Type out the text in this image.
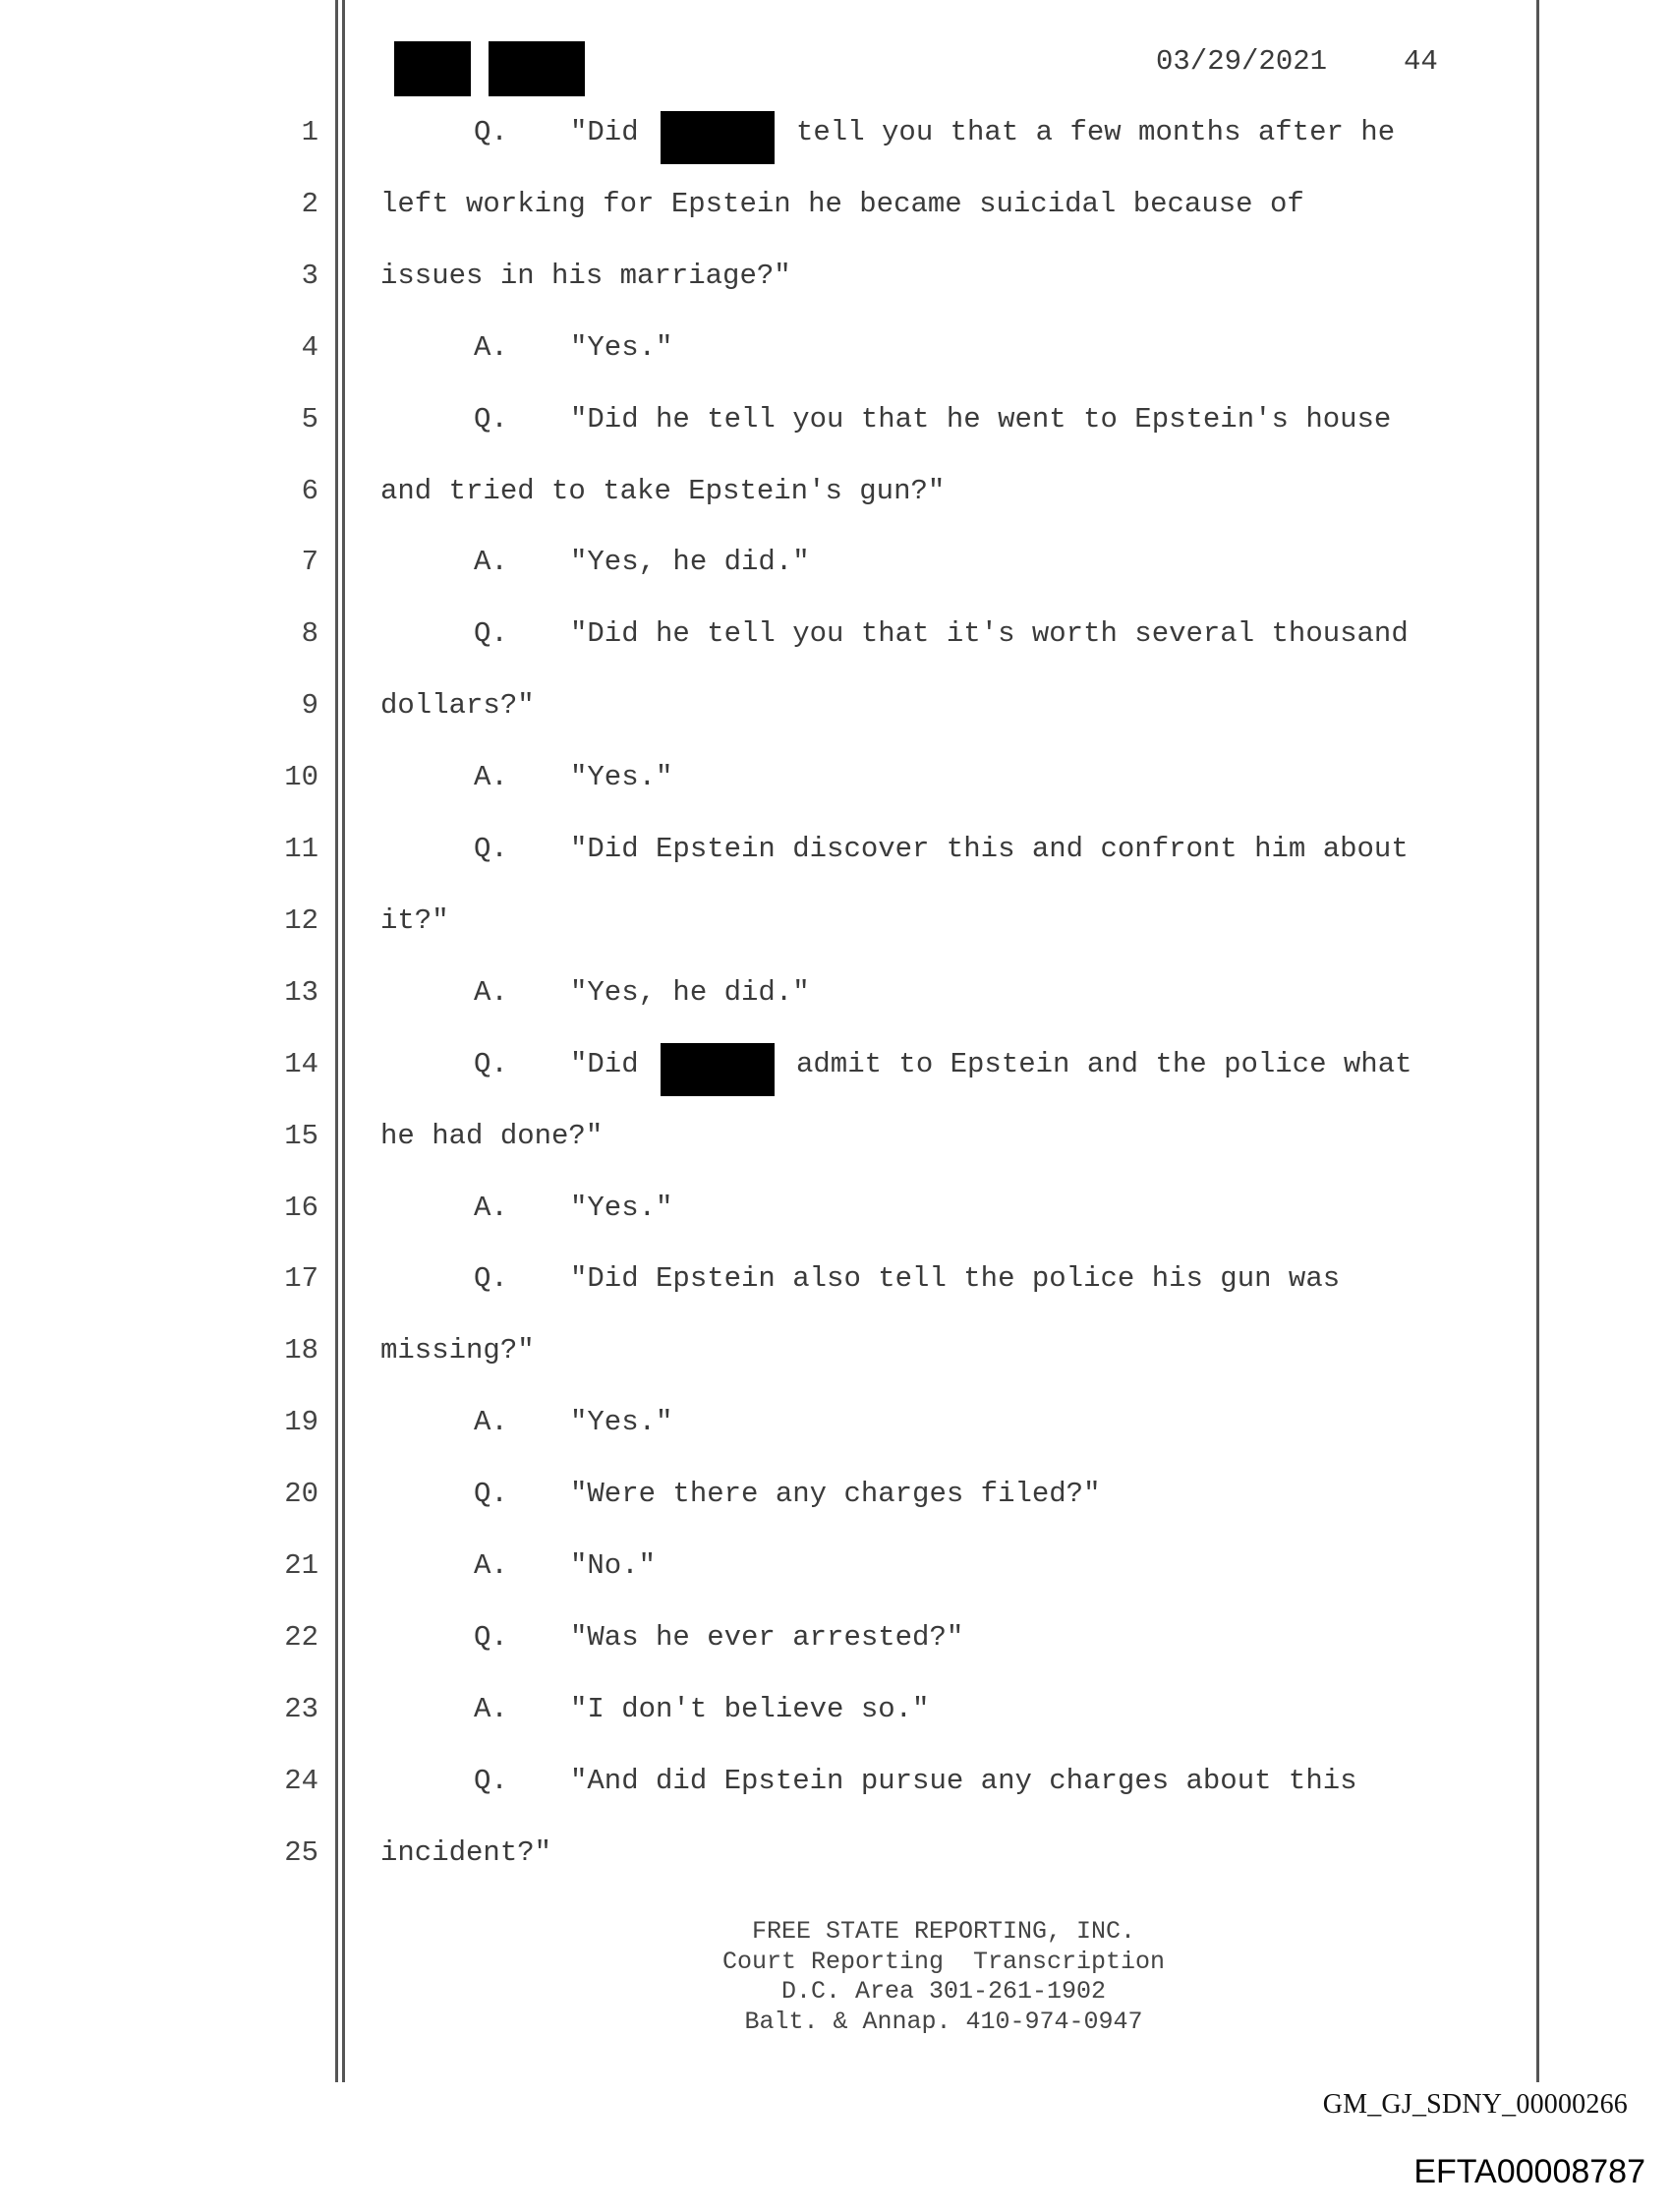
03/29/2021	44
1	Q. "Did	tell you that a few months after he
2 left working for Epstein he became suicidal because of
3 issues in his marriage?"
4	A. "Yes."
5	Q. "Did he tell you that he went to Epstein's house
6 and tried to take Epstein's gun?"
7	A. "Yes, he did."
8	Q. "Did he tell you that it's worth several thousand
9 dollars?"
10	A. "Yes."
11	Q. "Did Epstein discover this and confront him about
12 it?"
13	A. "Yes, he did."
14	Q. "Did	admit to Epstein and the police what
15 he had done?"
16	A. "Yes."
17	Q. "Did Epstein also tell the police his gun was
18 missing?"
19	A. "Yes."
20	Q. "Were there any charges filed?"
21	A. "No."
22	Q. "Was he ever arrested?"
23	A. "I don't believe so."
24	Q. "And did Epstein pursue any charges about this
25 incident?"
FREE STATE REPORTING, INC.
Court Reporting  Transcription
D.C. Area 301-261-1902
Balt. & Annap. 410-974-0947
GM_GJ_SDNY_00000266
EFTA00008787
